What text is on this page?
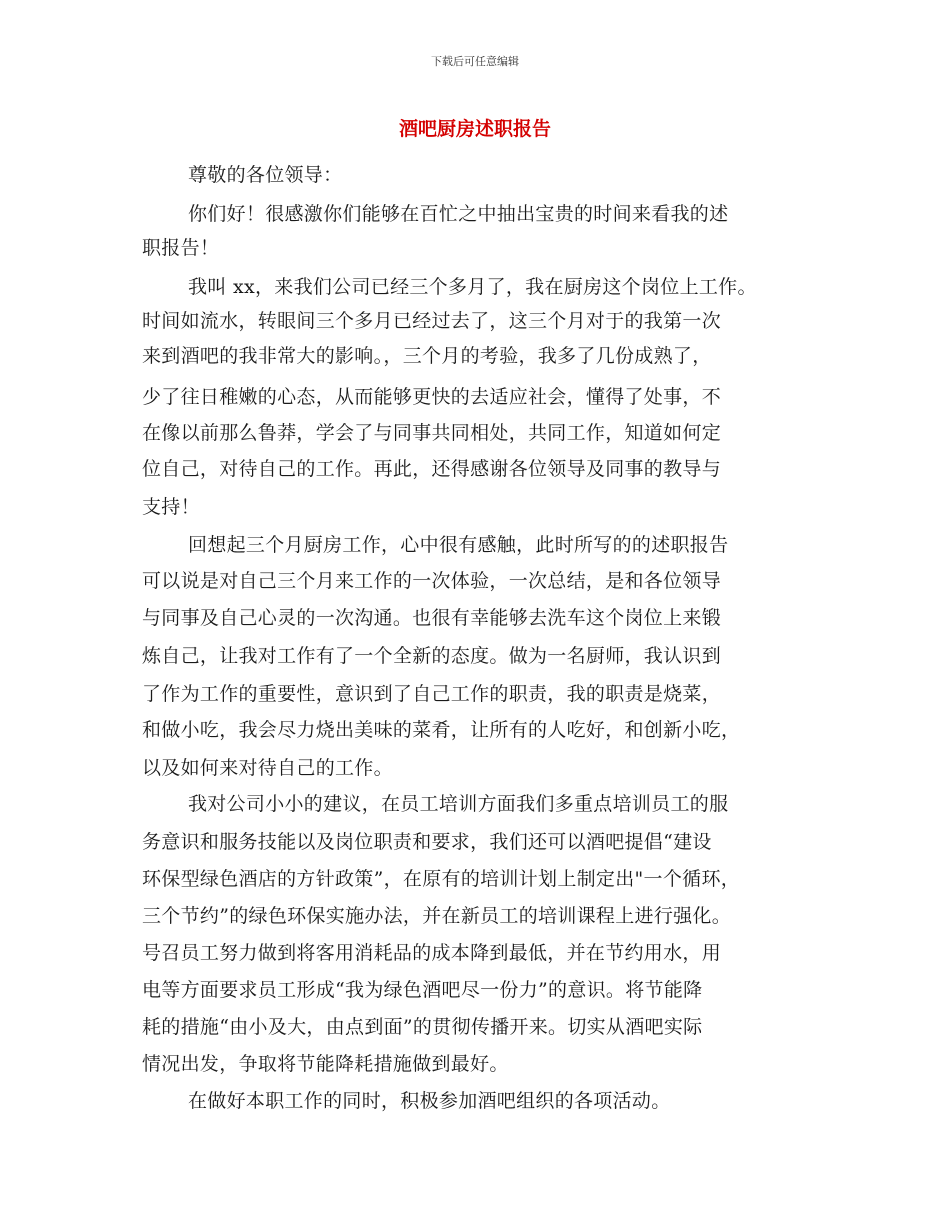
下载后可任意编辑
酒吧厨房述职报告
尊敬的各位领导：
你们好！很感激你们能够在百忙之中抽出宝贵的时间来看我的述
职报告！
我叫 xx，来我们公司已经三个多月了，我在厨房这个岗位上工作。
时间如流水，转眼间三个多月已经过去了，这三个月对于的我第一次
来到酒吧的我非常大的影响。，三个月的考验，我多了几份成熟了，
少了往日稚嫩的心态，从而能够更快的去适应社会，懂得了处事，不
在像以前那么鲁莽，学会了与同事共同相处，共同工作，知道如何定
位自己，对待自己的工作。再此，还得感谢各位领导及同事的教导与
支持！
回想起三个月厨房工作，心中很有感触，此时所写的的述职报告
可以说是对自己三个月来工作的一次体验，一次总结，是和各位领导
与同事及自己心灵的一次沟通。也很有幸能够去洗车这个岗位上来锻
炼自己，让我对工作有了一个全新的态度。做为一名厨师，我认识到
了作为工作的重要性，意识到了自己工作的职责，我的职责是烧菜，
和做小吃，我会尽力烧出美味的菜肴，让所有的人吃好，和创新小吃，
以及如何来对待自己的工作。
我对公司小小的建议，在员工培训方面我们多重点培训员工的服
务意识和服务技能以及岗位职责和要求，我们还可以酒吧提倡“建设
环保型绿色酒店的方针政策”，在原有的培训计划上制定出"一个循环，
三个节约”的绿色环保实施办法，并在新员工的培训课程上进行强化。
号召员工努力做到将客用消耗品的成本降到最低，并在节约用水，用
电等方面要求员工形成“我为绿色酒吧尽一份力”的意识。将节能降
耗的措施“由小及大，由点到面”的贯彻传播开来。切实从酒吧实际
情况出发，争取将节能降耗措施做到最好。
在做好本职工作的同时，积极参加酒吧组织的各项活动。
